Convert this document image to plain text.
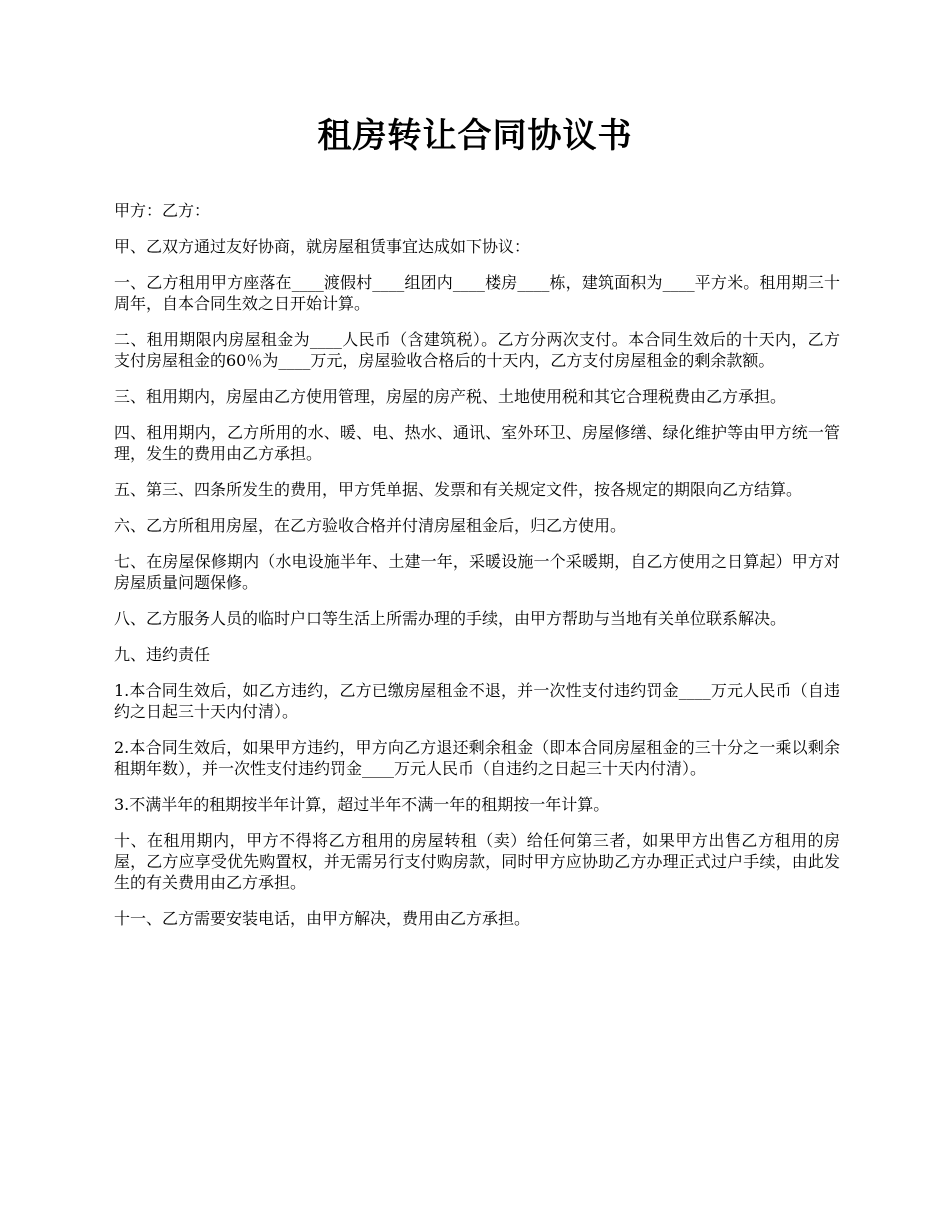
租房转让合同协议书

甲方：乙方：

甲、乙双方通过友好协商，就房屋租赁事宜达成如下协议：

一、乙方租用甲方座落在____渡假村____组团内____楼房____栋，建筑面积为____平方米。租用期三十周年，自本合同生效之日开始计算。

二、租用期限内房屋租金为____人民币（含建筑税）。乙方分两次支付。本合同生效后的十天内，乙方支付房屋租金的60％为____万元，房屋验收合格后的十天内，乙方支付房屋租金的剩余款额。

三、租用期内，房屋由乙方使用管理，房屋的房产税、土地使用税和其它合理税费由乙方承担。

四、租用期内，乙方所用的水、暖、电、热水、通讯、室外环卫、房屋修缮、绿化维护等由甲方统一管理，发生的费用由乙方承担。

五、第三、四条所发生的费用，甲方凭单据、发票和有关规定文件，按各规定的期限向乙方结算。

六、乙方所租用房屋，在乙方验收合格并付清房屋租金后，归乙方使用。

七、在房屋保修期内（水电设施半年、土建一年，采暖设施一个采暖期，自乙方使用之日算起）甲方对房屋质量问题保修。

八、乙方服务人员的临时户口等生活上所需办理的手续，由甲方帮助与当地有关单位联系解决。

九、违约责任

1.本合同生效后，如乙方违约，乙方已缴房屋租金不退，并一次性支付违约罚金____万元人民币（自违约之日起三十天内付清）。

2.本合同生效后，如果甲方违约，甲方向乙方退还剩余租金（即本合同房屋租金的三十分之一乘以剩余租期年数），并一次性支付违约罚金____万元人民币（自违约之日起三十天内付清）。

3.不满半年的租期按半年计算，超过半年不满一年的租期按一年计算。

十、在租用期内，甲方不得将乙方租用的房屋转租（卖）给任何第三者，如果甲方出售乙方租用的房屋，乙方应享受优先购置权，并无需另行支付购房款，同时甲方应协助乙方办理正式过户手续，由此发生的有关费用由乙方承担。

十一、乙方需要安装电话，由甲方解决，费用由乙方承担。
